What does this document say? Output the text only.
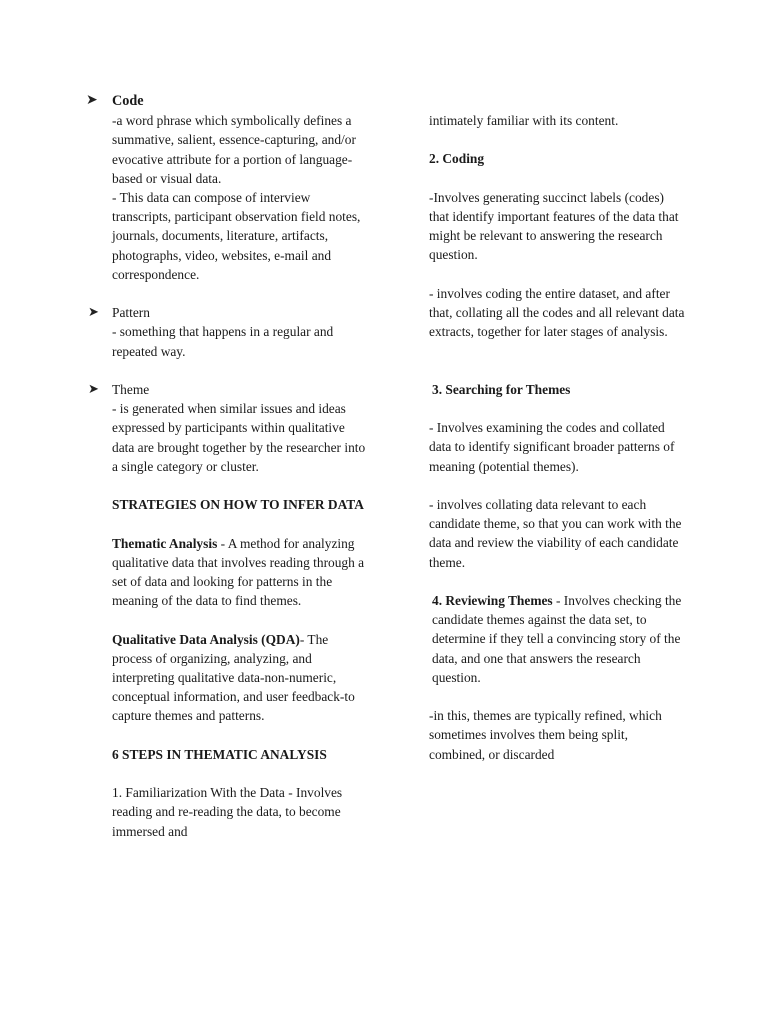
➤ Code

-a word phrase which symbolically defines a summative, salient, essence-capturing, and/or evocative attribute for a portion of language-based or visual data.

- This data can compose of interview transcripts, participant observation field notes, journals, documents, literature, artifacts, photographs, video, websites, e-mail and correspondence.

➤ Pattern

- something that happens in a regular and repeated way.

➤ Theme

- is generated when similar issues and ideas expressed by participants within qualitative data are brought together by the researcher into a single category or cluster.

STRATEGIES ON HOW TO INFER DATA

Thematic Analysis - A method for analyzing qualitative data that involves reading through a set of data and looking for patterns in the meaning of the data to find themes.

Qualitative Data Analysis (QDA)- The process of organizing, analyzing, and interpreting qualitative data-non-numeric, conceptual information, and user feedback-to capture themes and patterns.

6 STEPS IN THEMATIC ANALYSIS

1. Familiarization With the Data - Involves reading and re-reading the data, to become immersed and

intimately familiar with its content.

2. Coding

-Involves generating succinct labels (codes) that identify important features of the data that might be relevant to answering the research question.

- involves coding the entire dataset, and after that, collating all the codes and all relevant data extracts, together for later stages of analysis.

3. Searching for Themes

- Involves examining the codes and collated data to identify significant broader patterns of meaning (potential themes).

- involves collating data relevant to each candidate theme, so that you can work with the data and review the viability of each candidate theme.

4. Reviewing Themes - Involves checking the candidate themes against the data set, to determine if they tell a convincing story of the data, and one that answers the research question.

-in this, themes are typically refined, which sometimes involves them being split, combined, or discarded
